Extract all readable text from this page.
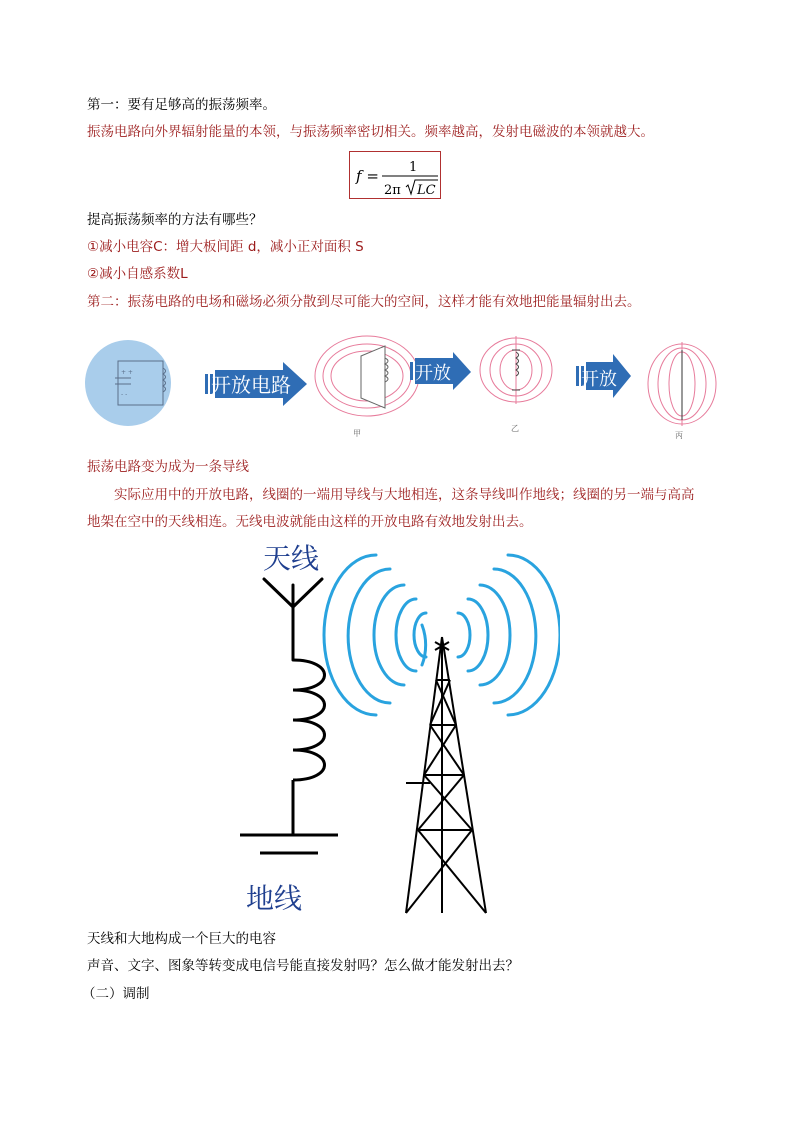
第一：要有足够高的振荡频率。
振荡电路向外界辐射能量的本领，与振荡频率密切相关。频率越高，发射电磁波的本领就越大。
f = 1
2π LC
提高振荡频率的方法有哪些？
①减小电容C：增大板间距 d，减小正对面积 S
②减小自感系数L
第二：振荡电路的电场和磁场必须分散到尽可能大的空间，这样才能有效地把能量辐射出去。
+ +
- -	开放电路
甲
开放
乙
开放
丙
振荡电路变为成为一条导线
实际应用中的开放电路，线圈的一端用导线与大地相连，这条导线叫作地线；线圈的另一端与高高
地架在空中的天线相连。无线电波就能由这样的开放电路有效地发射出去。
天线
地线
天线和大地构成一个巨大的电容
声音、文字、图象等转变成电信号能直接发射吗？怎么做才能发射出去？
（二）调制
